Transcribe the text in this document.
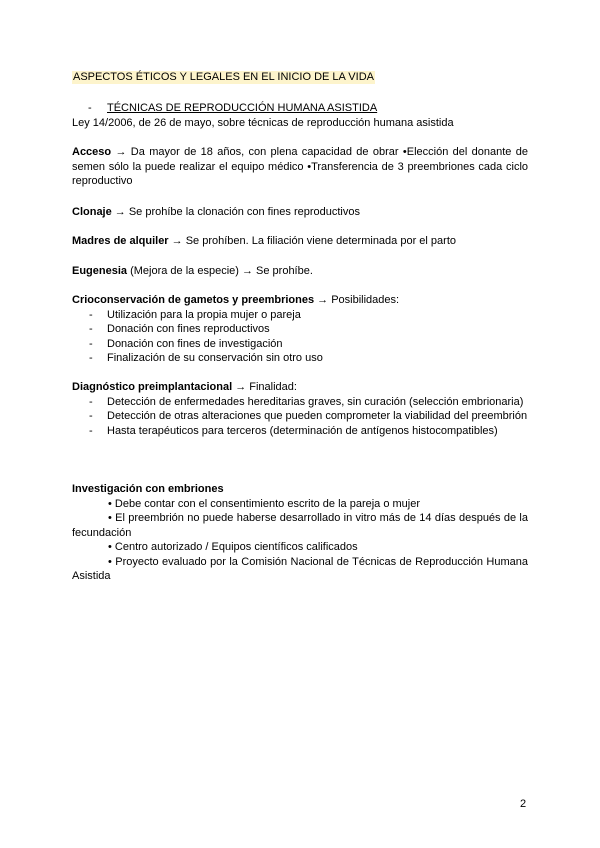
ASPECTOS ÉTICOS Y LEGALES EN EL INICIO DE LA VIDA
- TÉCNICAS DE REPRODUCCIÓN HUMANA ASISTIDA
Ley 14/2006, de 26 de mayo, sobre técnicas de reproducción humana asistida
Acceso → Da mayor de 18 años, con plena capacidad de obrar •Elección del donante de semen sólo la puede realizar el equipo médico •Transferencia de 3 preembriones cada ciclo reproductivo
Clonaje → Se prohíbe la clonación con fines reproductivos
Madres de alquiler → Se prohíben. La filiación viene determinada por el parto
Eugenesia (Mejora de la especie) → Se prohíbe.
Crioconservación de gametos y preembriones → Posibilidades:
- Utilización para la propia mujer o pareja
- Donación con fines reproductivos
- Donación con fines de investigación
- Finalización de su conservación sin otro uso
Diagnóstico preimplantacional → Finalidad:
- Detección de enfermedades hereditarias graves, sin curación (selección embrionaria)
- Detección de otras alteraciones que pueden comprometer la viabilidad del preembrión
- Hasta terapéuticos para terceros (determinación de antígenos histocompatibles)
Investigación con embriones

• Debe contar con el consentimiento escrito de la pareja o mujer

• El preembrión no puede haberse desarrollado in vitro más de 14 días después de la fecundación

• Centro autorizado / Equipos científicos calificados

• Proyecto evaluado por la Comisión Nacional de Técnicas de Reproducción Humana Asistida

2
